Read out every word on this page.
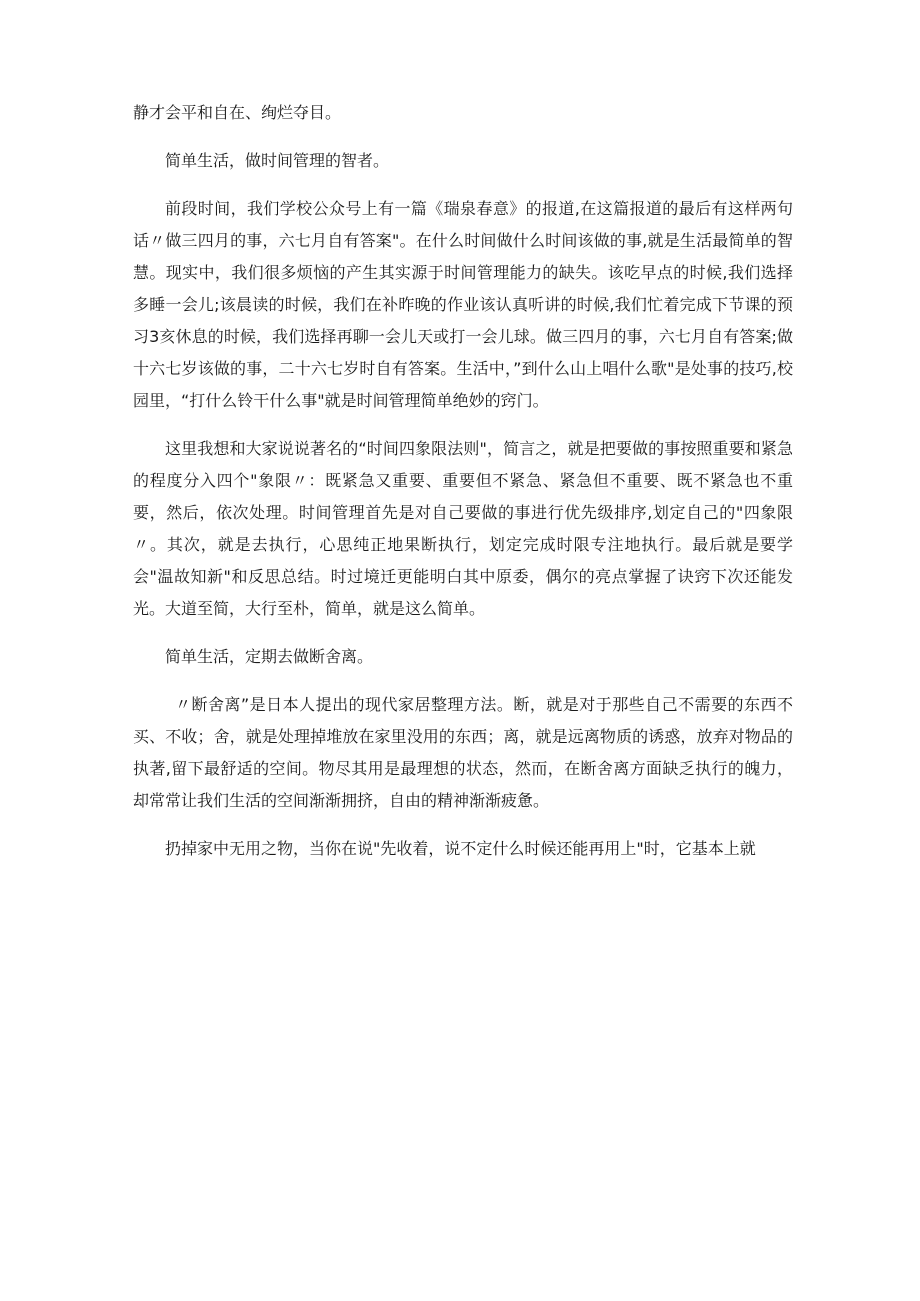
静才会平和自在、绚烂夺目。

简单生活，做时间管理的智者。

前段时间，我们学校公众号上有一篇《瑞泉春意》的报道,在这篇报道的最后有这样两句话〃做三四月的事，六七月自有答案"。在什么时间做什么时间该做的事,就是生活最简单的智慧。现实中，我们很多烦恼的产生其实源于时间管理能力的缺失。该吃早点的时候,我们选择多睡一会儿;该晨读的时候，我们在补昨晚的作业该认真听讲的时候,我们忙着完成下节课的预习3亥休息的时候，我们选择再聊一会儿天或打一会儿球。做三四月的事，六七月自有答案;做十六七岁该做的事，二十六七岁时自有答案。生活中，”到什么山上唱什么歌"是处事的技巧,校园里，“打什么铃干什么事"就是时间管理简单绝妙的窍门。

这里我想和大家说说著名的“时间四象限法则"，简言之，就是把要做的事按照重要和紧急的程度分入四个"象限〃：既紧急又重要、重要但不紧急、紧急但不重要、既不紧急也不重要，然后，依次处理。时间管理首先是对自己要做的事进行优先级排序,划定自己的"四象限〃。其次，就是去执行，心思纯正地果断执行，划定完成时限专注地执行。最后就是要学会"温故知新"和反思总结。时过境迁更能明白其中原委，偶尔的亮点掌握了诀窍下次还能发光。大道至简，大行至朴，简单，就是这么简单。

简单生活，定期去做断舍离。

〃断舍离”是日本人提出的现代家居整理方法。断，就是对于那些自己不需要的东西不买、不收；舍，就是处理掉堆放在家里没用的东西；离，就是远离物质的诱惑，放弃对物品的执著,留下最舒适的空间。物尽其用是最理想的状态，然而，在断舍离方面缺乏执行的魄力，却常常让我们生活的空间渐渐拥挤，自由的精神渐渐疲惫。

扔掉家中无用之物，当你在说"先收着，说不定什么时候还能再用上"时，它基本上就
